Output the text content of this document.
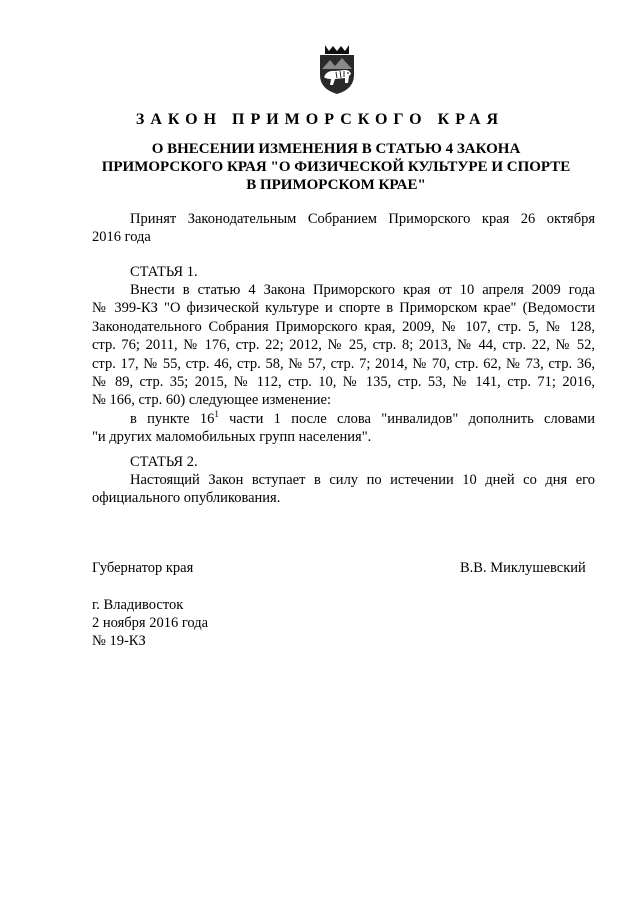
ЗАКОН ПРИМОРСКОГО КРАЯ

О ВНЕСЕНИИ ИЗМЕНЕНИЯ В СТАТЬЮ 4 ЗАКОНА
ПРИМОРСКОГО КРАЯ "О ФИЗИЧЕСКОЙ КУЛЬТУРЕ И СПОРТЕ
В ПРИМОРСКОМ КРАЕ"

Принят Законодательным Собранием Приморского края 26 октября
2016 года

СТАТЬЯ 1.

Внести в статью 4 Закона Приморского края от 10 апреля 2009 года
№ 399-КЗ "О физической культуре и спорте в Приморском крае" (Ведомости
Законодательного Собрания Приморского края, 2009, № 107, стр. 5, № 128,
стр. 76; 2011, № 176, стр. 22; 2012, № 25, стр. 8; 2013, № 44, стр. 22, № 52,
стр. 17, № 55, стр. 46, стр. 58, № 57, стр. 7; 2014, № 70, стр. 62, № 73, стр. 36,
№ 89, стр. 35; 2015, № 112, стр. 10, № 135, стр. 53, № 141, стр. 71; 2016,
№ 166, стр. 60) следующее изменение:
в пункте $16^1$ части 1 после слова "инвалидов" дополнить словами
"и других маломобильных групп населения".

СТАТЬЯ 2.

Настоящий Закон вступает в силу по истечении 10 дней со дня его
официального опубликования.
Губернатор края	В.В. Миклушевский
г. Владивосток
2 ноября 2016 года
№ 19-КЗ
